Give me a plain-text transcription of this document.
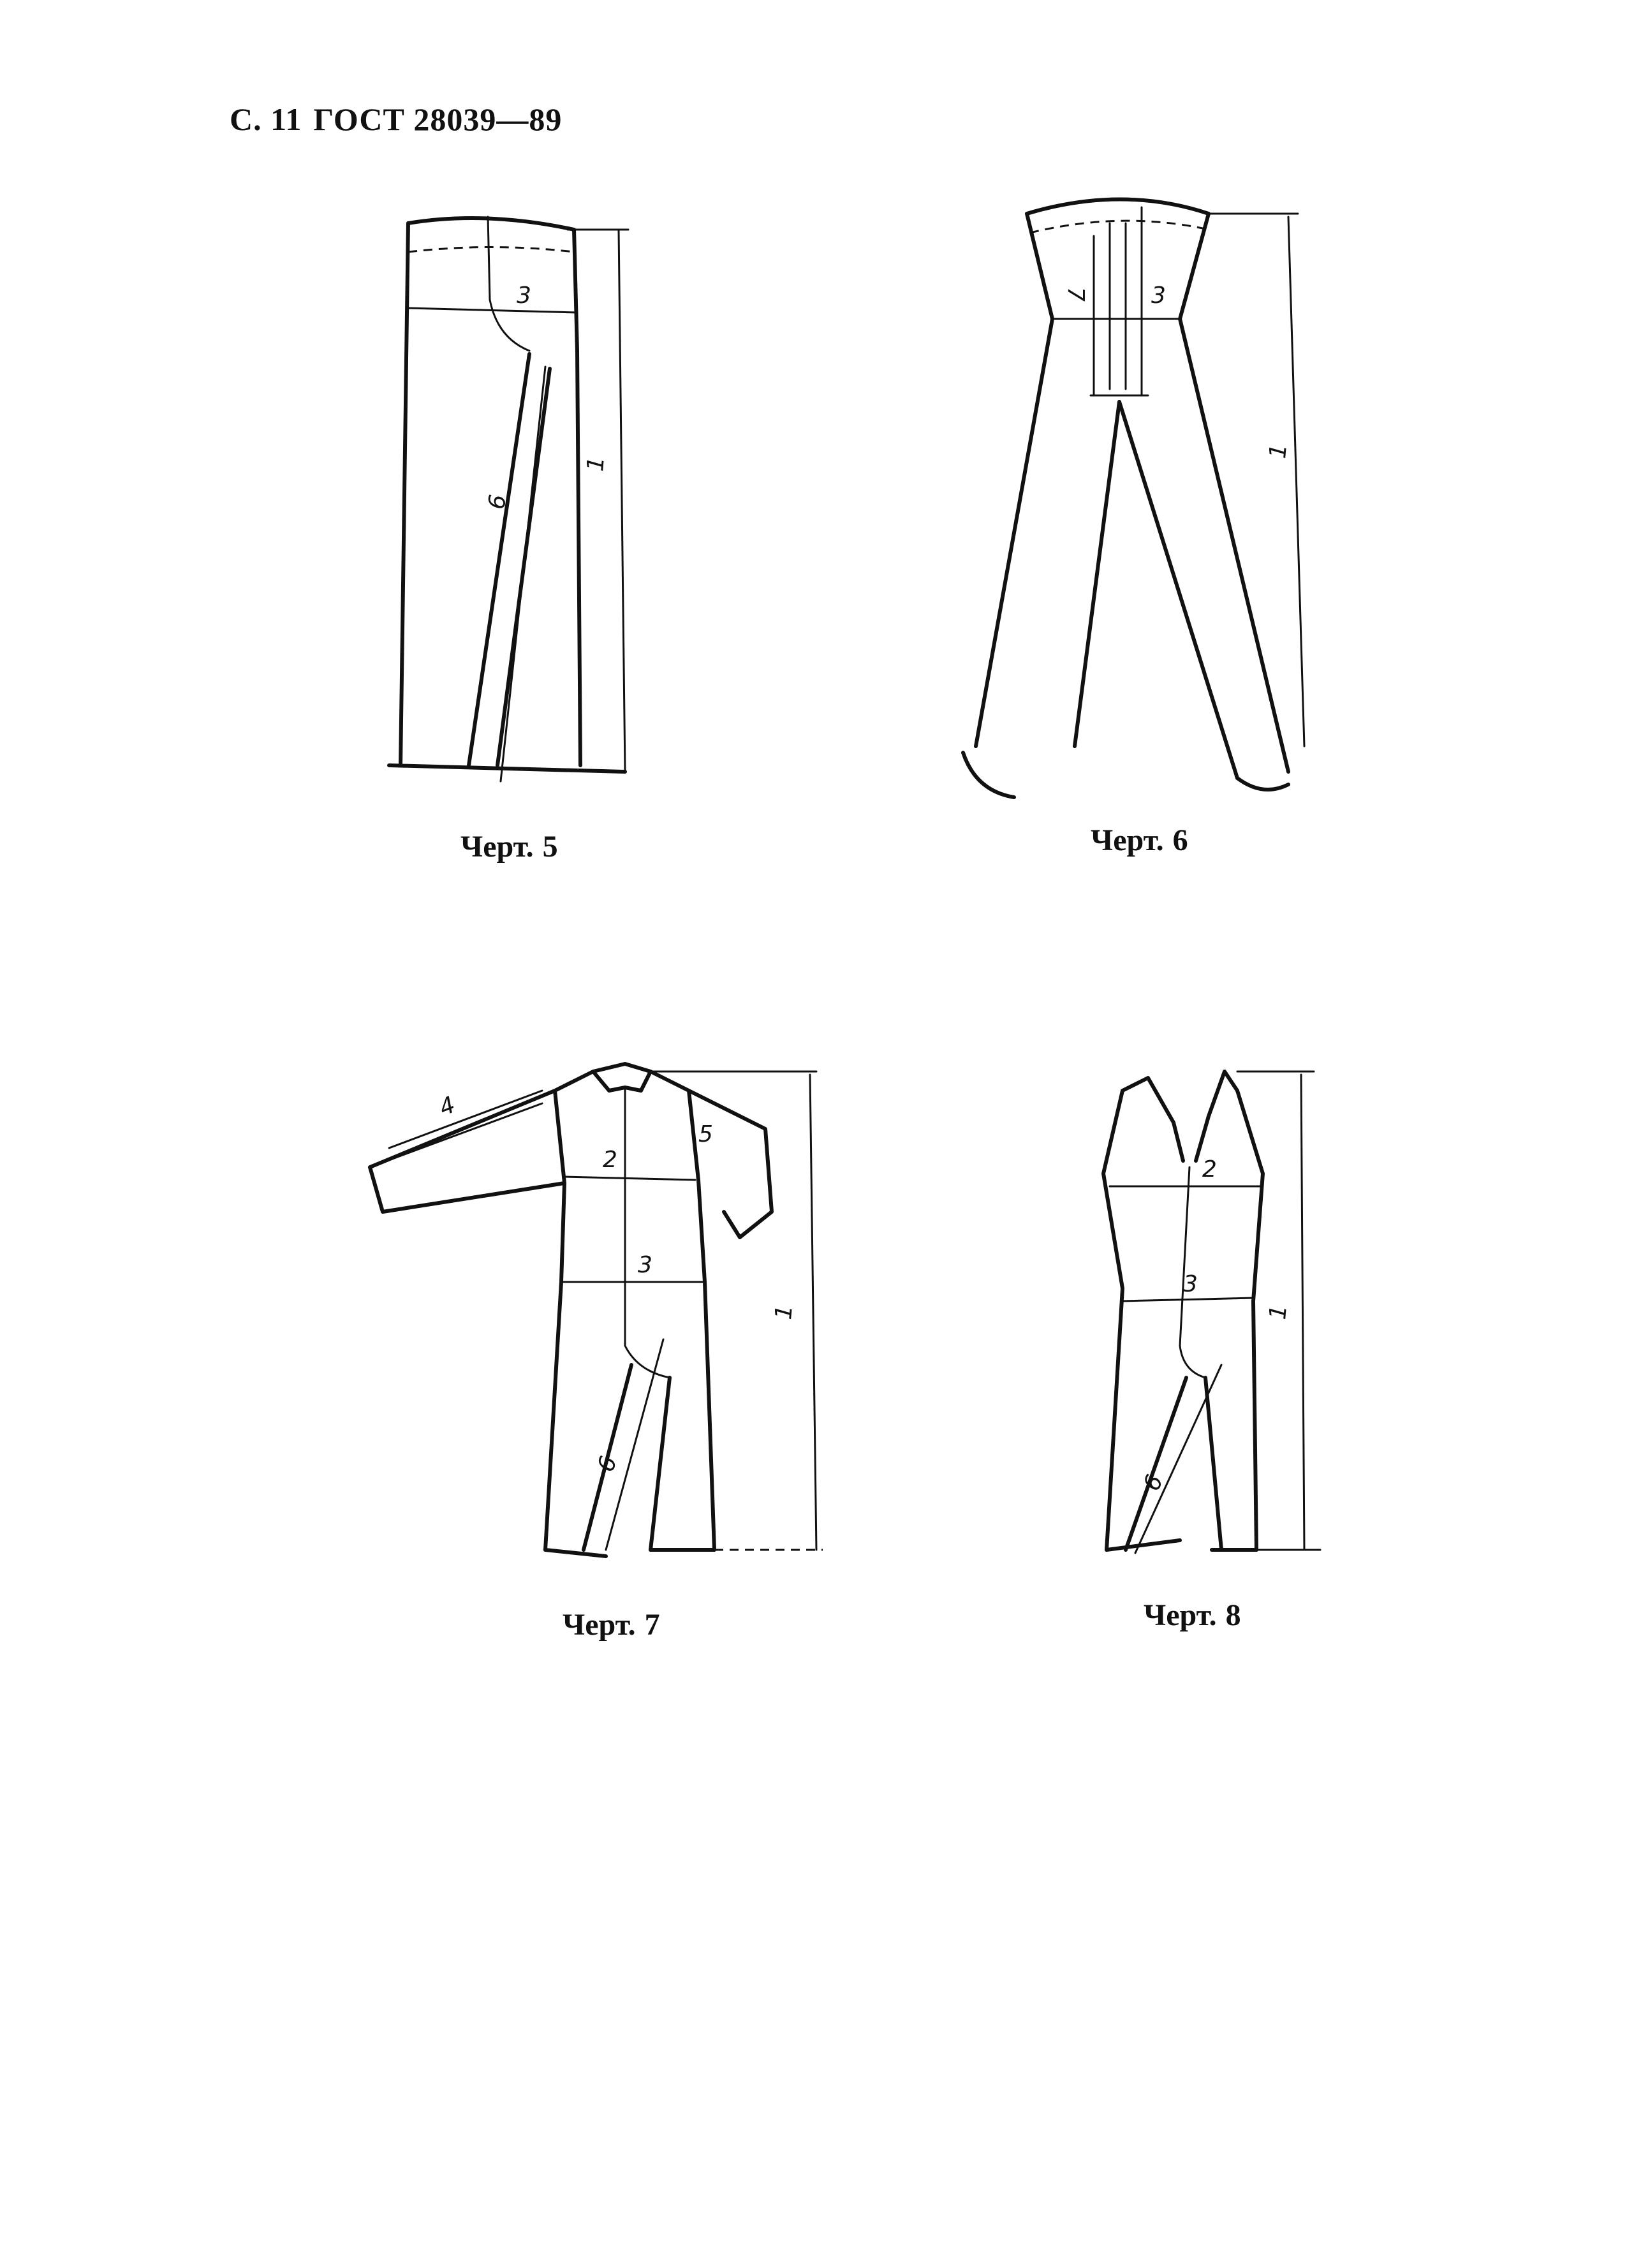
С. 11 ГОСТ 28039—89
3
6
1
Черт. 5
7	3
1
Черт. 6
4
2
5
3
6
1
Черт. 7
2
3
6
1
Черт. 8
